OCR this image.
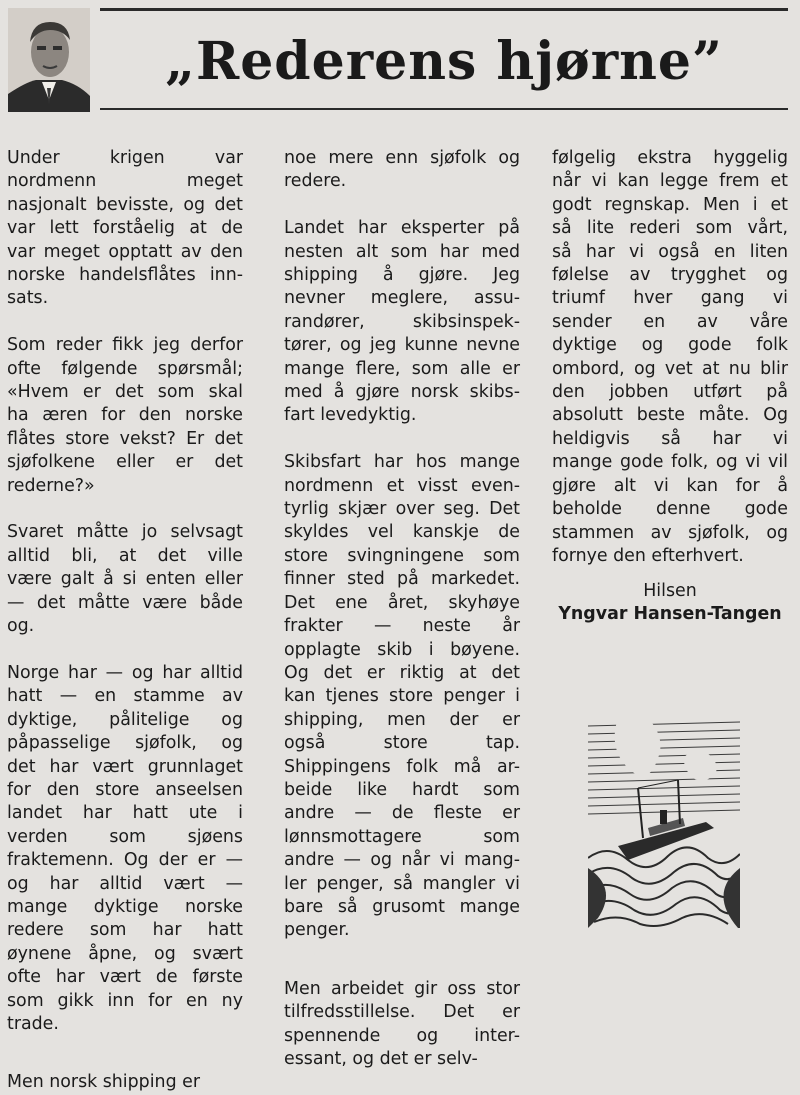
„Rederens hjørne”
Under krigen var
nordmenn meget
nasjonalt bevisste, og det
var lett forståelig at de
var meget opptatt av den
norske handelsflåtes inn-
sats.
Som reder fikk jeg derfor
ofte følgende spørsmål;
«Hvem er det som skal
ha æren for den norske
flåtes store vekst? Er det
sjøfolkene eller er det
rederne?»
Svaret måtte jo selvsagt
alltid bli, at det ville
være galt å si enten eller
— det måtte være både
og.
Norge har — og har alltid
hatt — en stamme av
dyktige, pålitelige og
påpasselige sjøfolk, og
det har vært grunnlaget
for den store anseelsen
landet har hatt ute i
verden som sjøens
fraktemenn. Og der er —
og har alltid vært —
mange dyktige norske
redere som har hatt
øynene åpne, og svært
ofte har vært de første
som gikk inn for en ny
trade.
Men norsk shipping er
noe mere enn sjøfolk og
redere.
Landet har eksperter på
nesten alt som har med
shipping å gjøre. Jeg
nevner meglere, assu-
randører, skibsinspek-
tører, og jeg kunne nevne
mange flere, som alle er
med å gjøre norsk skibs-
fart levedyktig.
Skibsfart har hos mange
nordmenn et visst even-
tyrlig skjær over seg. Det
skyldes vel kanskje de
store svingningene som
finner sted på markedet.
Det ene året, skyhøye
frakter — neste år
opplagte skib i bøyene.
Og det er riktig at det
kan tjenes store penger i
shipping, men der er
også store tap.
Shippingens folk må ar-
beide like hardt som
andre — de fleste er
lønnsmottagere som
andre — og når vi mang-
ler penger, så mangler vi
bare så grusomt mange
penger.
Men arbeidet gir oss stor
tilfredsstillelse. Det er
spennende og inter-
essant, og det er selv-
følgelig ekstra hyggelig
når vi kan legge frem et
godt regnskap. Men i et
så lite rederi som vårt,
så har vi også en liten
følelse av trygghet og
triumf hver gang vi
sender en av våre
dyktige og gode folk
ombord, og vet at nu blir
den jobben utført på
absolutt beste måte. Og
heldigvis så har vi
mange gode folk, og vi vil
gjøre alt vi kan for å
beholde denne gode
stammen av sjøfolk, og
fornye den efterhvert.
Hilsen
Yngvar Hansen-Tangen
